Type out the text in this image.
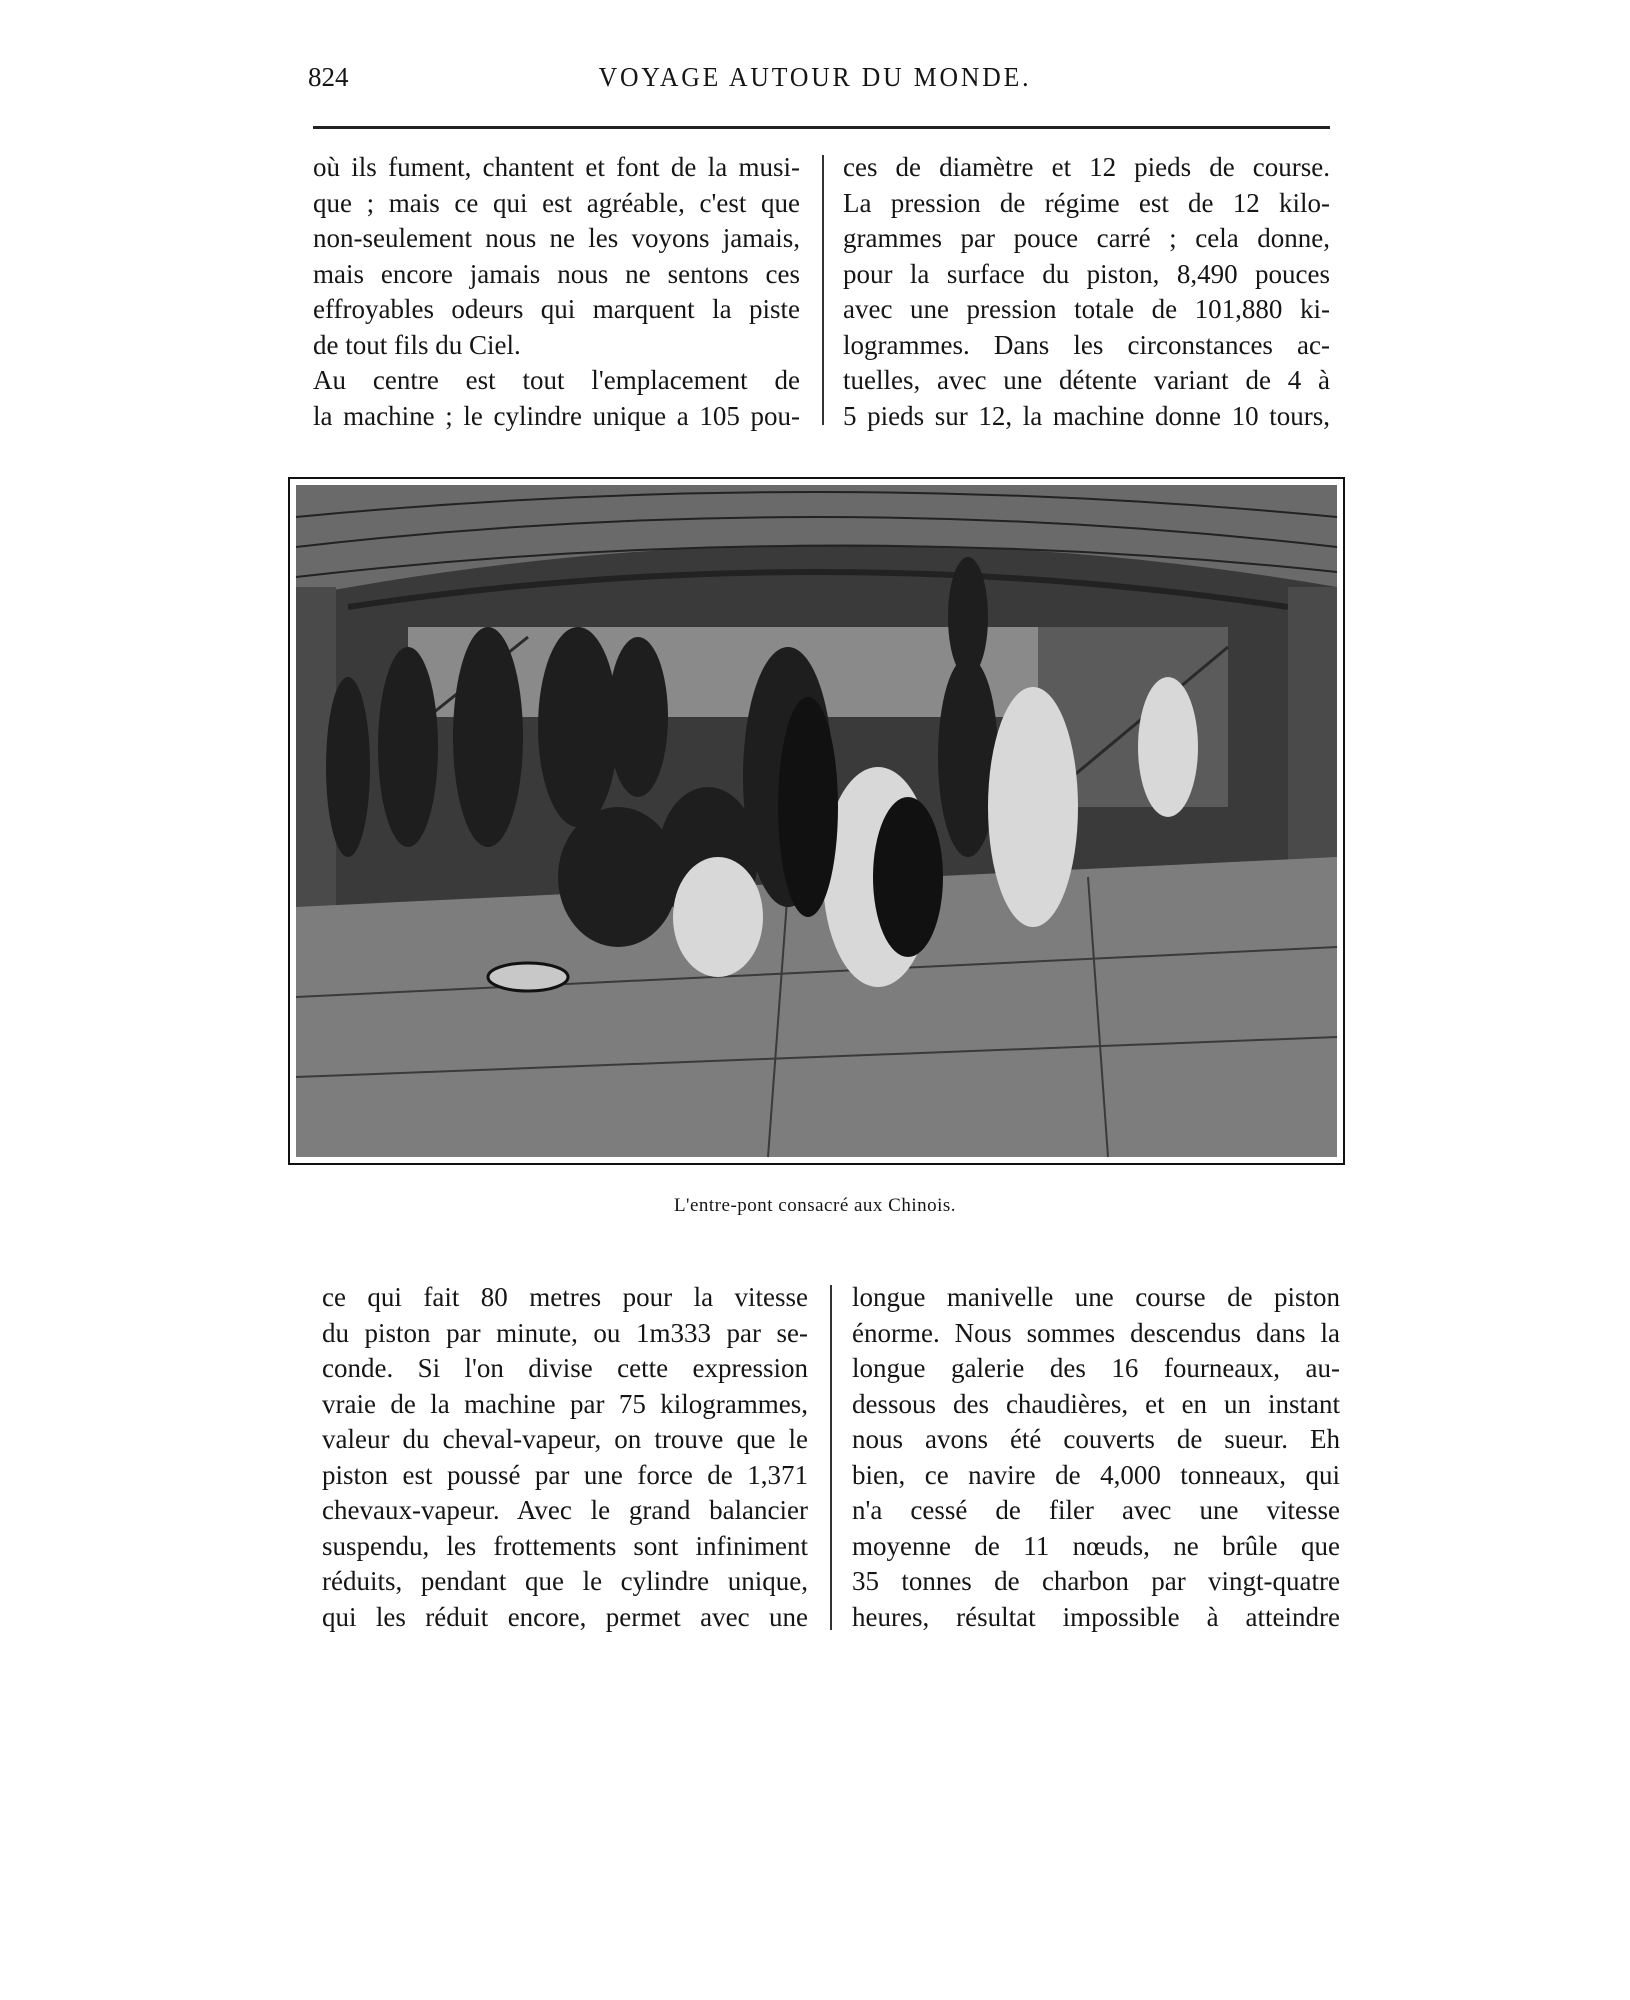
824	VOYAGE AUTOUR DU MONDE.
où ils fument, chantent et font de la musi-
que ; mais ce qui est agréable, c'est que
non-seulement nous ne les voyons jamais,
mais encore jamais nous ne sentons ces
effroyables odeurs qui marquent la piste
de tout fils du Ciel.
Au centre est tout l'emplacement de
la machine ; le cylindre unique a 105 pou-
ces de diamètre et 12 pieds de course.
La pression de régime est de 12 kilo-
grammes par pouce carré ; cela donne,
pour la surface du piston, 8,490 pouces
avec une pression totale de 101,880 ki-
logrammes. Dans les circonstances ac-
tuelles, avec une détente variant de 4 à
5 pieds sur 12, la machine donne 10 tours,
L'entre-pont consacré aux Chinois.
ce qui fait 80 metres pour la vitesse
du piston par minute, ou 1m333 par se-
conde. Si l'on divise cette expression
vraie de la machine par 75 kilogrammes,
valeur du cheval-vapeur, on trouve que le
piston est poussé par une force de 1,371
chevaux-vapeur. Avec le grand balancier
suspendu, les frottements sont infiniment
réduits, pendant que le cylindre unique,
qui les réduit encore, permet avec une
longue manivelle une course de piston
énorme. Nous sommes descendus dans la
longue galerie des 16 fourneaux, au-
dessous des chaudières, et en un instant
nous avons été couverts de sueur. Eh
bien, ce navire de 4,000 tonneaux, qui
n'a cessé de filer avec une vitesse
moyenne de 11 nœuds, ne brûle que
35 tonnes de charbon par vingt-quatre
heures, résultat impossible à atteindre
